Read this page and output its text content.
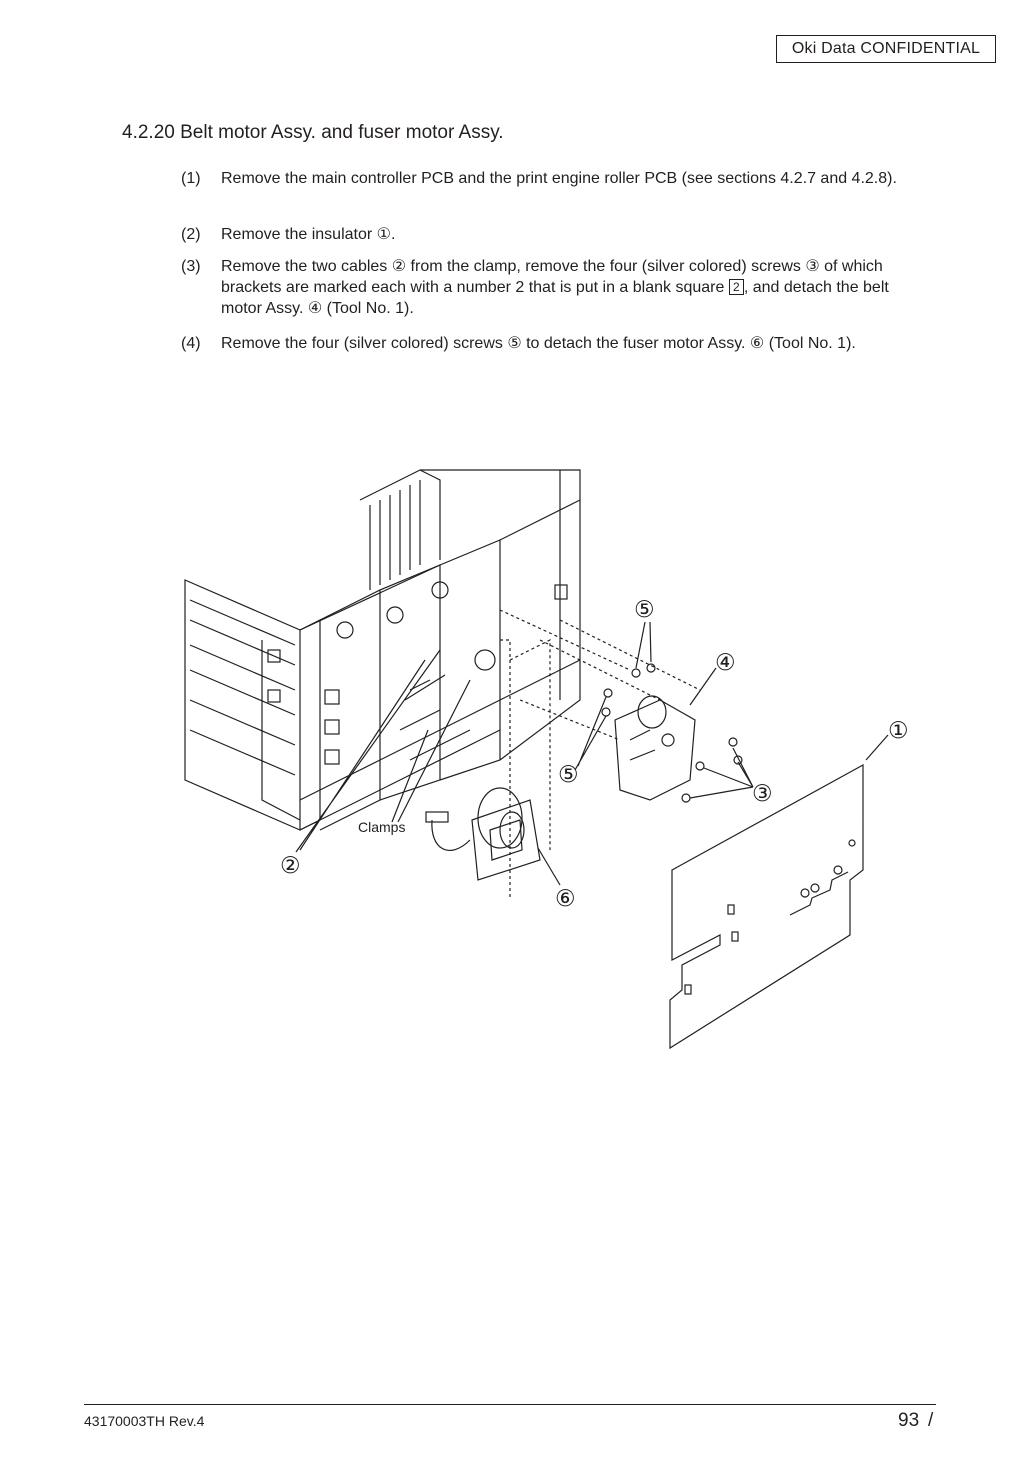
Oki Data CONFIDENTIAL
4.2.20 Belt motor Assy. and fuser motor Assy.
(1) Remove the main controller PCB and the print engine roller PCB (see sections 4.2.7 and 4.2.8).
(2) Remove the insulator ①.
(3) Remove the two cables ② from the clamp, remove the four (silver colored) screws ③ of which brackets are marked each with a number 2 that is put in a blank square 2 , and detach the belt motor Assy. ④ (Tool No. 1).
(4) Remove the four (silver colored) screws ⑤ to detach the fuser motor Assy. ⑥ (Tool No. 1).
⑤
④
①
③
⑤
⑥
②
Clamps
43170003TH Rev.4	93 /
